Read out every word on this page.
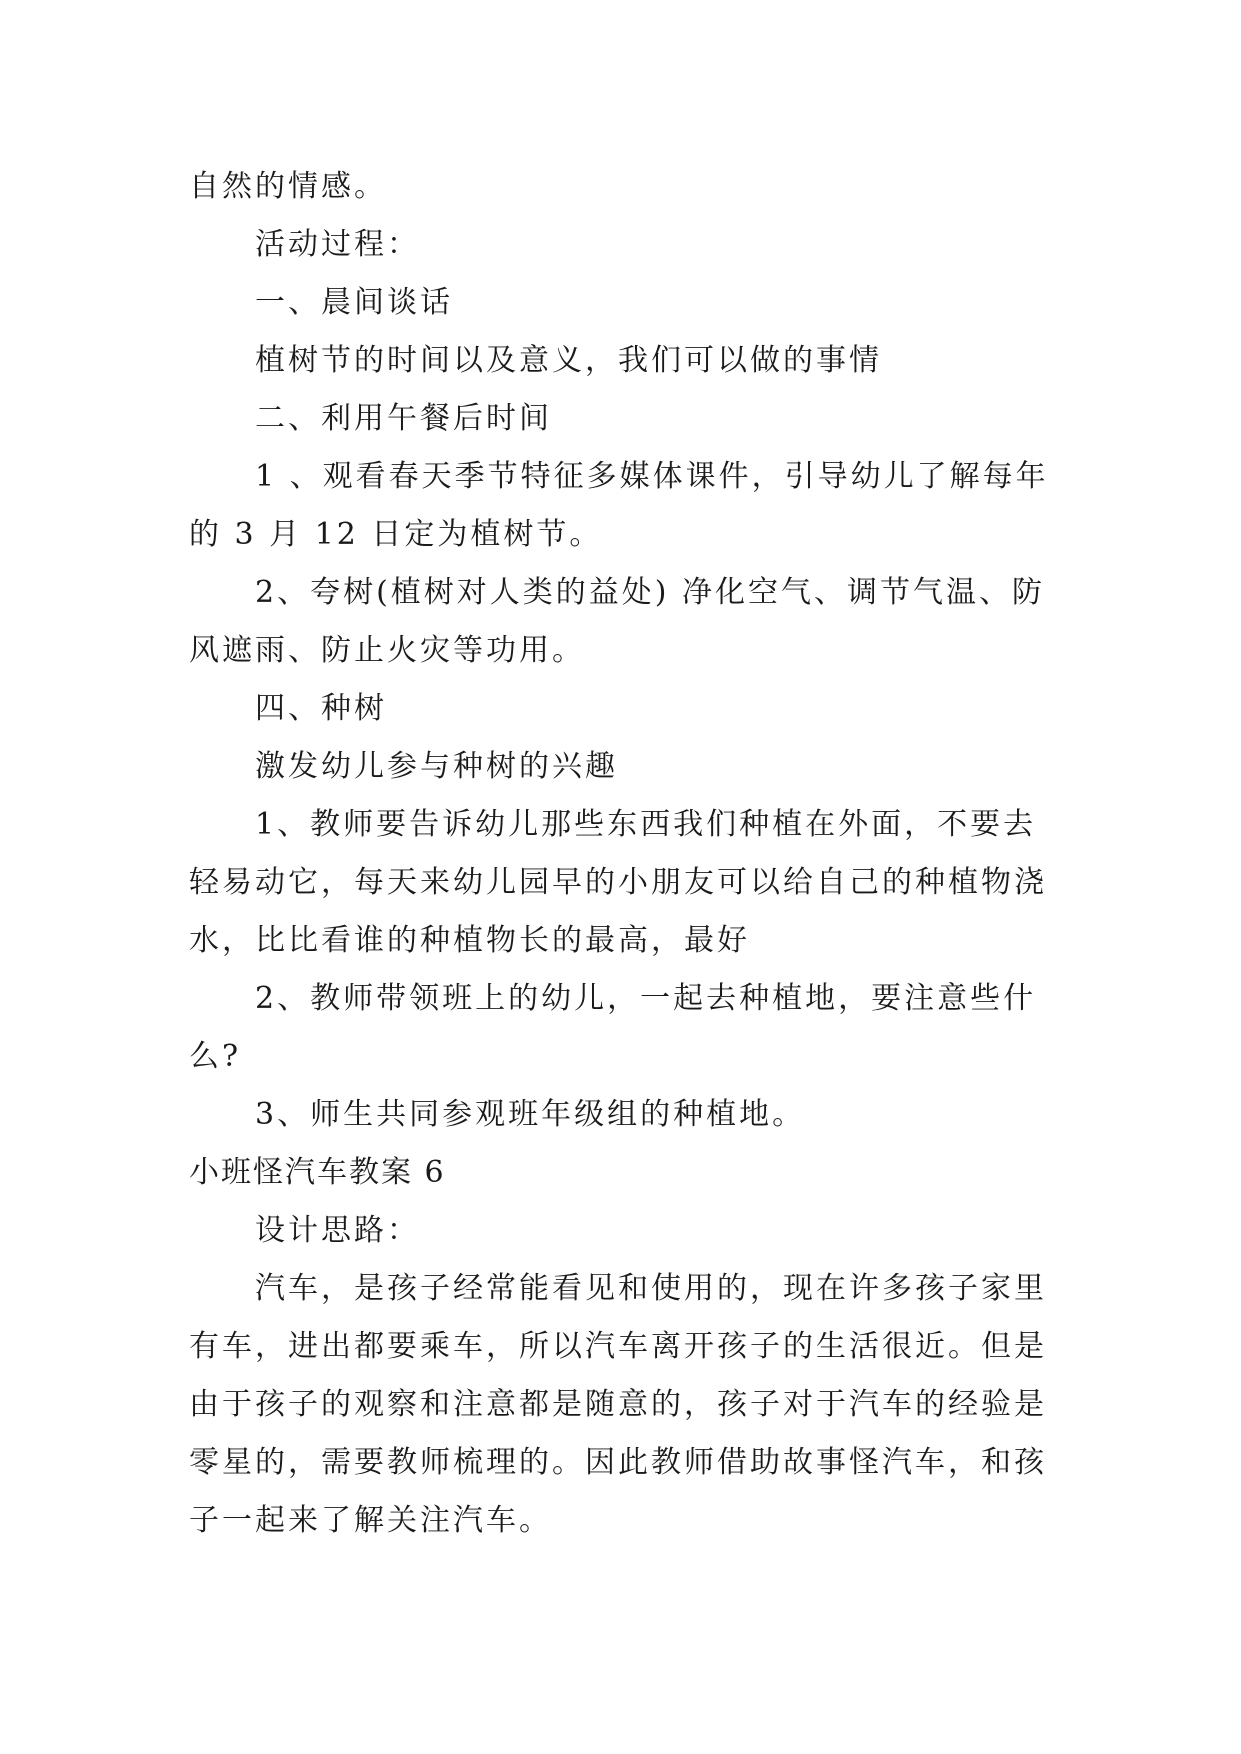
自然的情感。
活动过程：
一、晨间谈话
植树节的时间以及意义，我们可以做的事情
二、利用午餐后时间
1 、观看春天季节特征多媒体课件，引导幼儿了解每年
的 3 月 12 日定为植树节。
2、夸树(植树对人类的益处) 净化空气、调节气温、防
风遮雨、防止火灾等功用。
四、种树
激发幼儿参与种树的兴趣
1、教师要告诉幼儿那些东西我们种植在外面，不要去
轻易动它，每天来幼儿园早的小朋友可以给自己的种植物浇
水，比比看谁的种植物长的最高，最好
2、教师带领班上的幼儿，一起去种植地，要注意些什
么?
3、师生共同参观班年级组的种植地。
小班怪汽车教案 6
设计思路：
汽车，是孩子经常能看见和使用的，现在许多孩子家里
有车，进出都要乘车，所以汽车离开孩子的生活很近。但是
由于孩子的观察和注意都是随意的，孩子对于汽车的经验是
零星的，需要教师梳理的。因此教师借助故事怪汽车，和孩
子一起来了解关注汽车。
